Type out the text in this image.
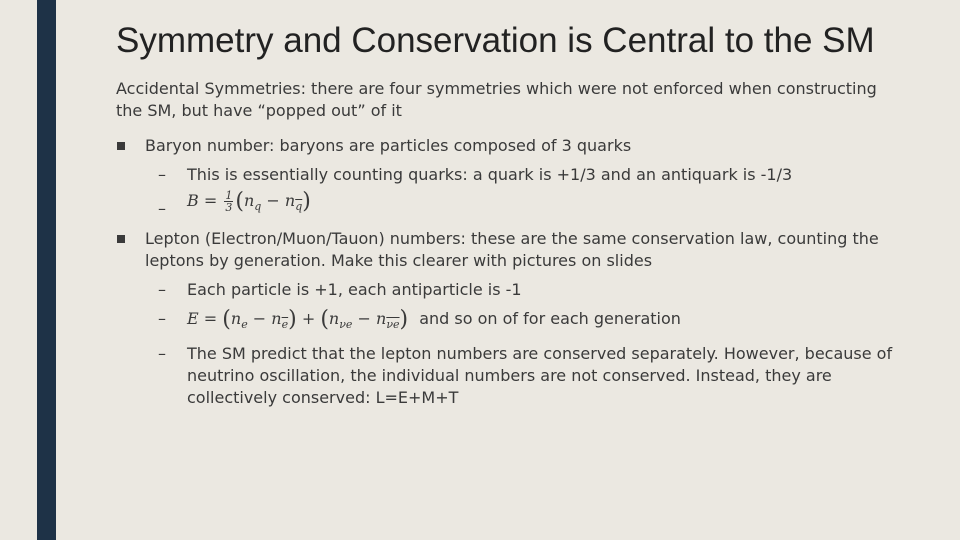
Symmetry and Conservation is Central to the SM

Accidental Symmetries: there are four symmetries which were not enforced when constructing the SM, but have “popped out” of it

Baryon number: baryons are particles composed of 3 quarks
– This is essentially counting quarks: a quark is +1/3 and an antiquark is -1/3
– $B = \frac{1}{3} (n_q - n_{\overline{q}})$
Lepton (Electron/Muon/Tauon) numbers: these are the same conservation law, counting the leptons by generation. Make this clearer with pictures on slides
– Each particle is +1, each antiparticle is -1
– $E = (n_e - n_{\overline{e}}) + (n_{\nu e} - n_{\overline{\nu e}})$ and so on of for each generation
– The SM predict that the lepton numbers are conserved separately. However, because of neutrino oscillation, the individual numbers are not conserved. Instead, they are collectively conserved: L=E+M+T
